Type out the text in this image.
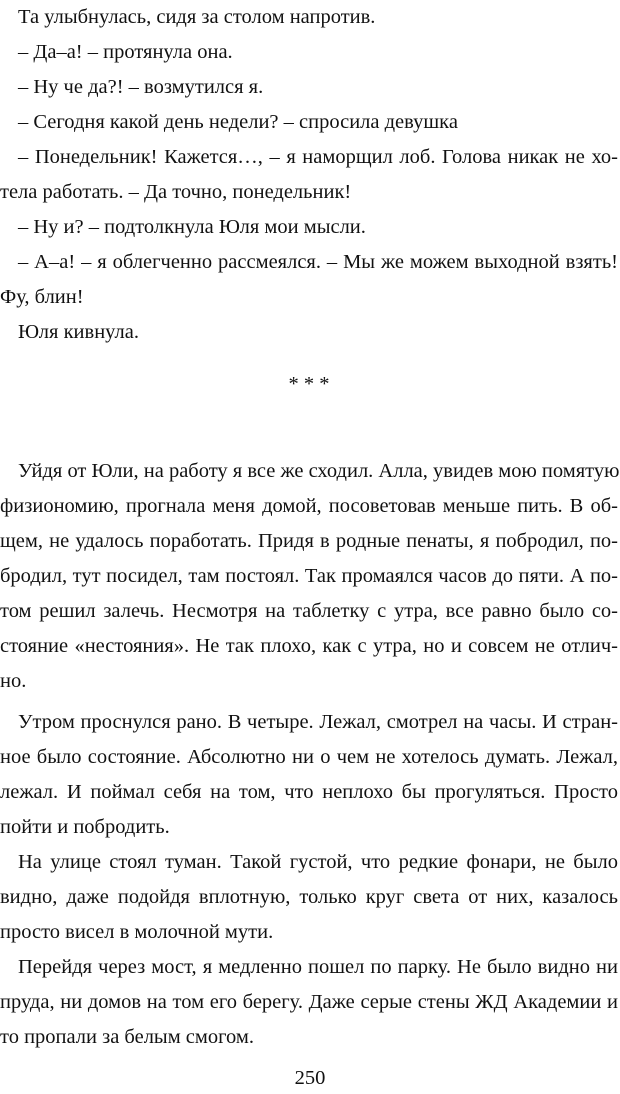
Та улыбнулась, сидя за столом напротив.
– Да–а! – протянула она.
– Ну че да?! – возмутился я.
– Сегодня какой день недели? – спросила девушка
– Понедельник! Кажется…, – я наморщил лоб. Голова никак не хо-
тела работать. – Да точно, понедельник!
– Ну и? – подтолкнула Юля мои мысли.
– А–а! – я облегченно рассмеялся. – Мы же можем выходной взять!
Фу, блин!
Юля кивнула.
* * *
Уйдя от Юли, на работу я все же сходил. Алла, увидев мою помятую
физиономию, прогнала меня домой, посоветовав меньше пить. В об-
щем, не удалось поработать. Придя в родные пенаты, я побродил, по-
бродил, тут посидел, там постоял. Так промаялся часов до пяти. А по-
том решил залечь. Несмотря на таблетку с утра, все равно было со-
стояние «нестояния». Не так плохо, как с утра, но и совсем не отлич-
но.
Утром проснулся рано. В четыре. Лежал, смотрел на часы. И стран-
ное было состояние. Абсолютно ни о чем не хотелось думать. Лежал,
лежал. И поймал себя на том, что неплохо бы прогуляться. Просто
пойти и побродить.
На улице стоял туман. Такой густой, что редкие фонари, не было
видно, даже подойдя вплотную, только круг света от них, казалось
просто висел в молочной мути.
Перейдя через мост, я медленно пошел по парку. Не было видно ни
пруда, ни домов на том его берегу. Даже серые стены ЖД Академии и
то пропали за белым смогом.
250
